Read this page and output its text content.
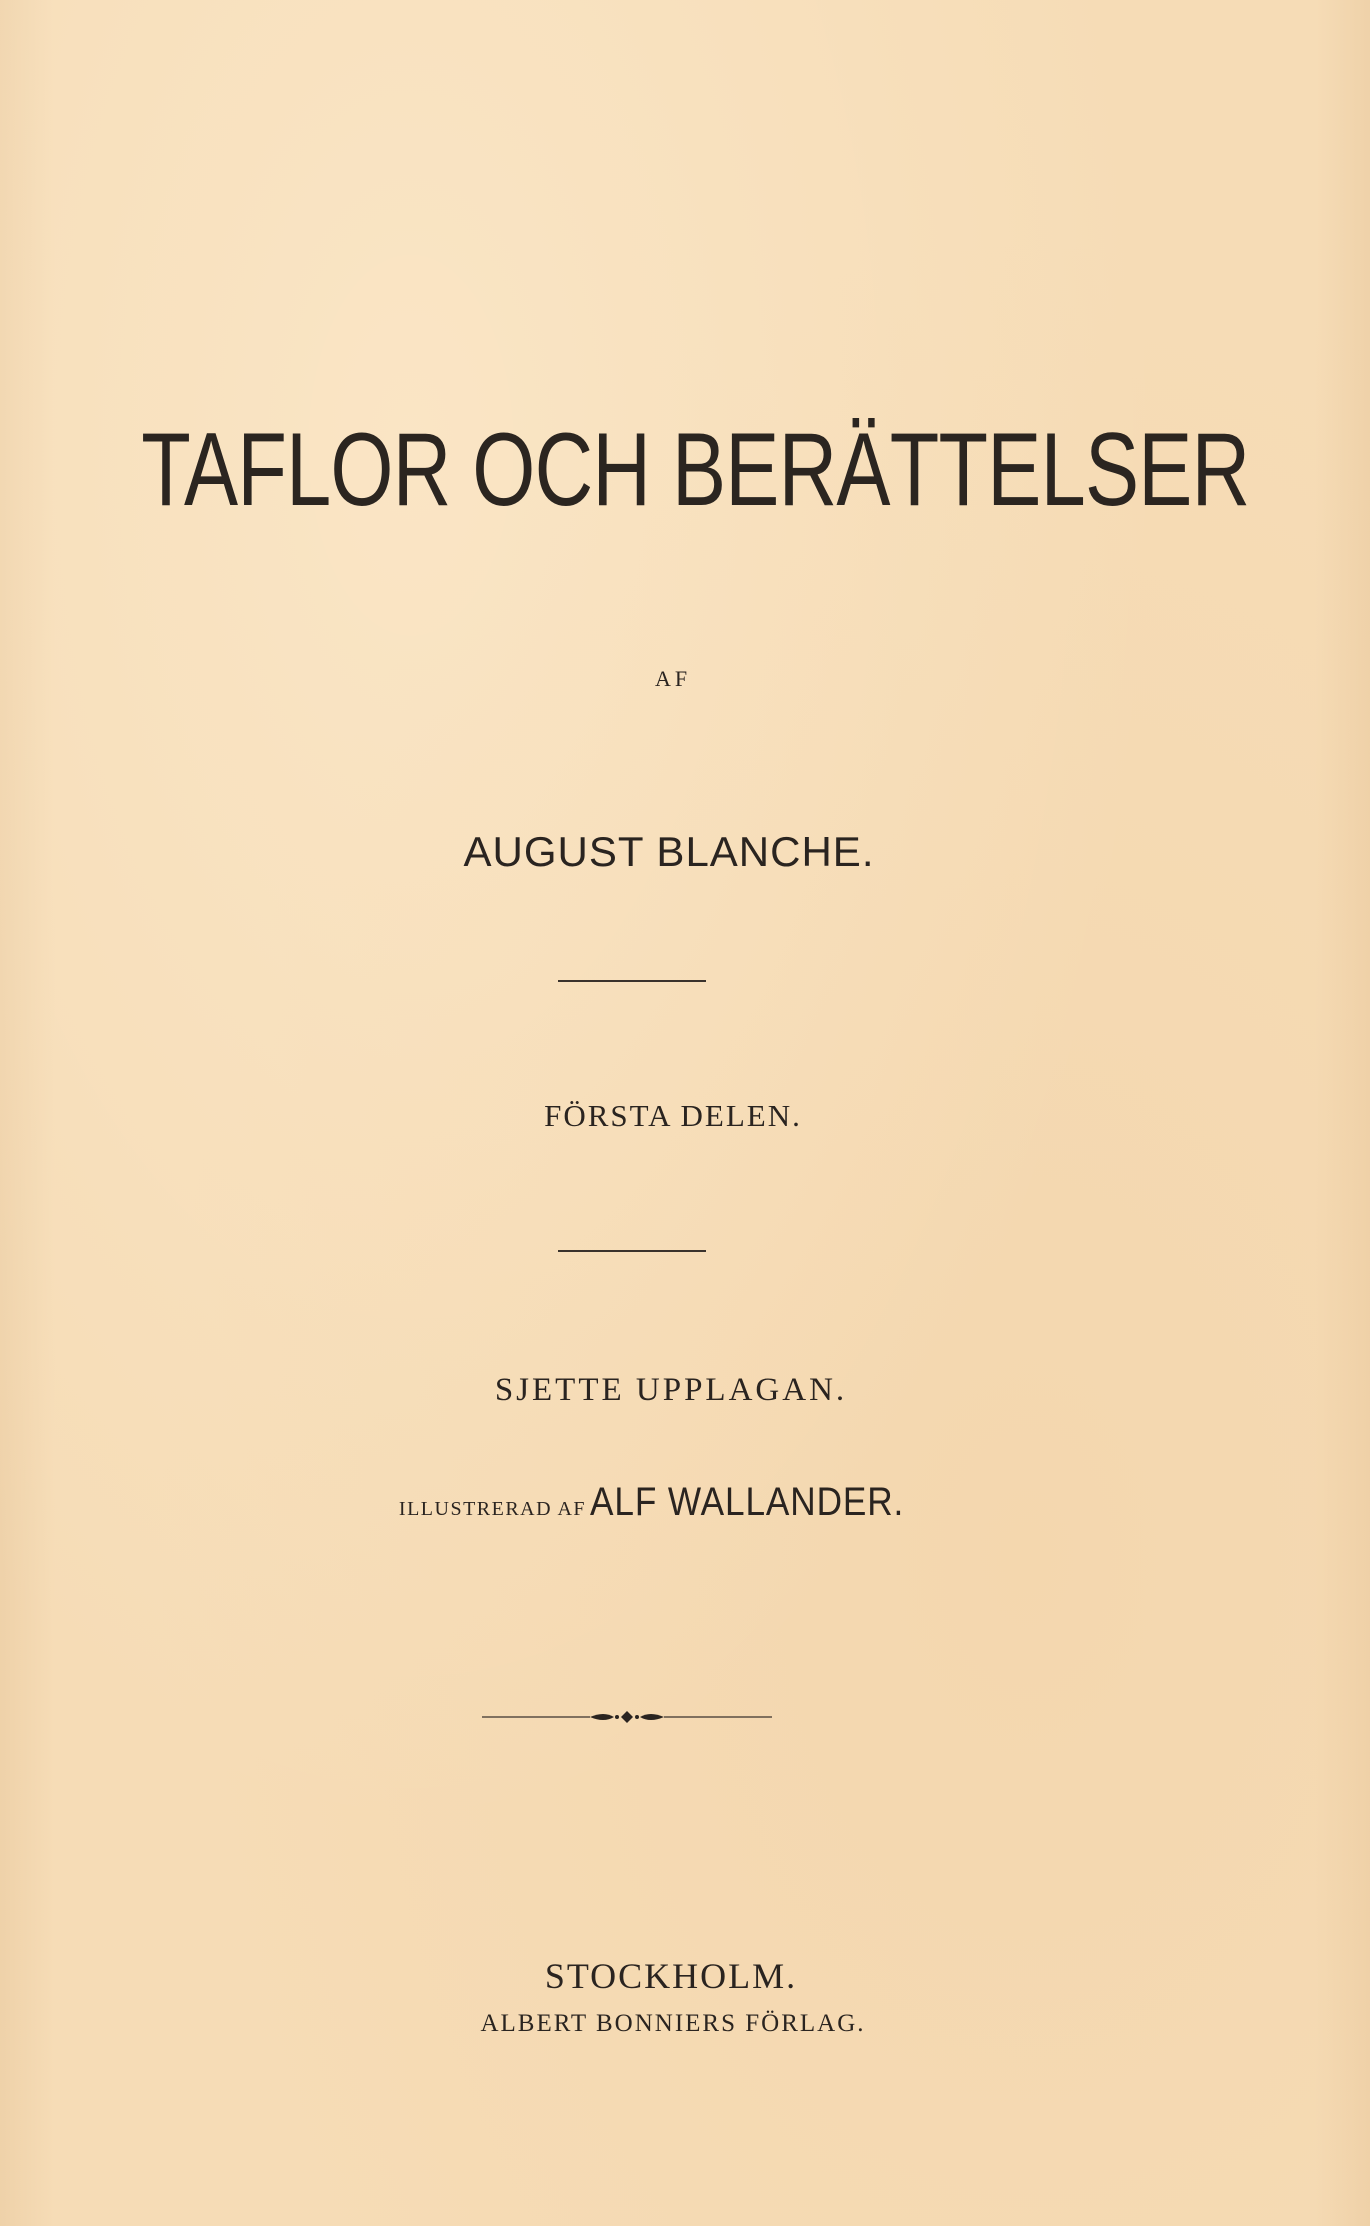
TAFLOR OCH BERÄTTELSER
AF
AUGUST BLANCHE.
FÖRSTA DELEN.
SJETTE UPPLAGAN.
ILLUSTRERAD AF ALF WALLANDER.
STOCKHOLM.
ALBERT BONNIERS FÖRLAG.
